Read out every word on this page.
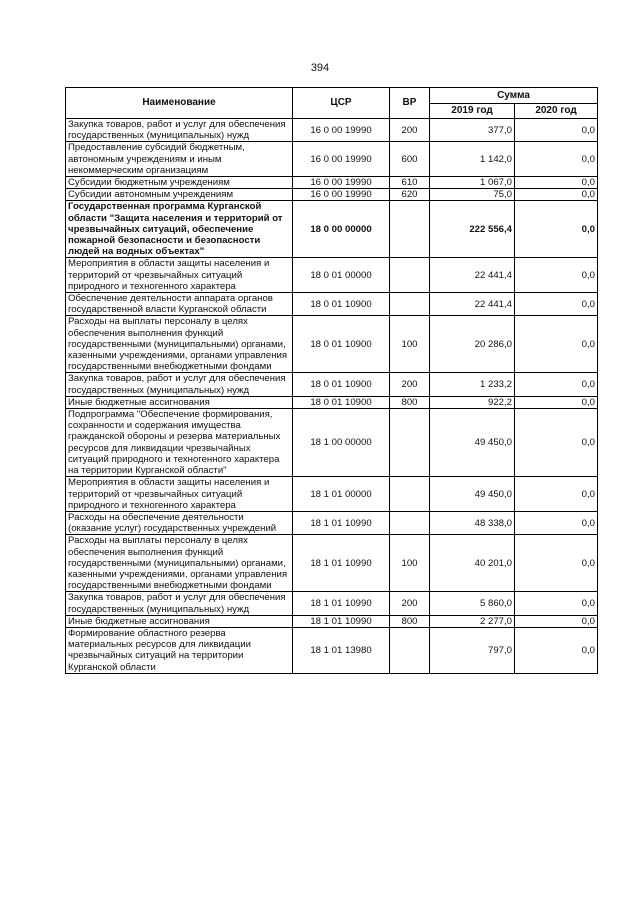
394
Наименование	ЦСР	ВР	Сумма	
			2019 год	2020 год
Закупка товаров, работ и услуг для обеспечения государственных (муниципальных) нужд	16 0 00 19990	200	377,0	0,0
Предоставление субсидий бюджетным, автономным учреждениям и иным некоммерческим организациям	16 0 00 19990	600	1 142,0	0,0
Субсидии бюджетным учреждениям	16 0 00 19990	610	1 067,0	0,0
Субсидии автономным учреждениям	16 0 00 19990	620	75,0	0,0
Государственная программа Курганской области "Защита населения и территорий от чрезвычайных ситуаций, обеспечение пожарной безопасности и безопасности людей на водных объектах"	18 0 00 00000		222 556,4	0,0
Мероприятия в области защиты населения и территорий от чрезвычайных ситуаций природного и техногенного характера	18 0 01 00000		22 441,4	0,0
Обеспечение деятельности аппарата органов государственной власти Курганской области	18 0 01 10900		22 441,4	0,0
Расходы на выплаты персоналу в целях обеспечения выполнения функций государственными (муниципальными) органами, казенными учреждениями, органами управления государственными внебюджетными фондами	18 0 01 10900	100	20 286,0	0,0
Закупка товаров, работ и услуг для обеспечения государственных (муниципальных) нужд	18 0 01 10900	200	1 233,2	0,0
Иные бюджетные ассигнования	18 0 01 10900	800	922,2	0,0
Подпрограмма "Обеспечение формирования, сохранности и содержания имущества гражданской обороны и резерва материальных ресурсов для ликвидации чрезвычайных ситуаций природного и техногенного характера на территории Курганской области"	18 1 00 00000		49 450,0	0,0
Мероприятия в области защиты населения и территорий от чрезвычайных ситуаций природного и техногенного характера	18 1 01 00000		49 450,0	0,0
Расходы на обеспечение деятельности (оказание услуг) государственных учреждений	18 1 01 10990		48 338,0	0,0
Расходы на выплаты персоналу в целях обеспечения выполнения функций государственными (муниципальными) органами, казенными учреждениями, органами управления государственными внебюджетными фондами	18 1 01 10990	100	40 201,0	0,0
Закупка товаров, работ и услуг для обеспечения государственных (муниципальных) нужд	18 1 01 10990	200	5 860,0	0,0
Иные бюджетные ассигнования	18 1 01 10990	800	2 277,0	0,0
Формирование областного резерва материальных ресурсов для ликвидации чрезвычайных ситуаций на территории Курганской области	18 1 01 13980		797,0	0,0
